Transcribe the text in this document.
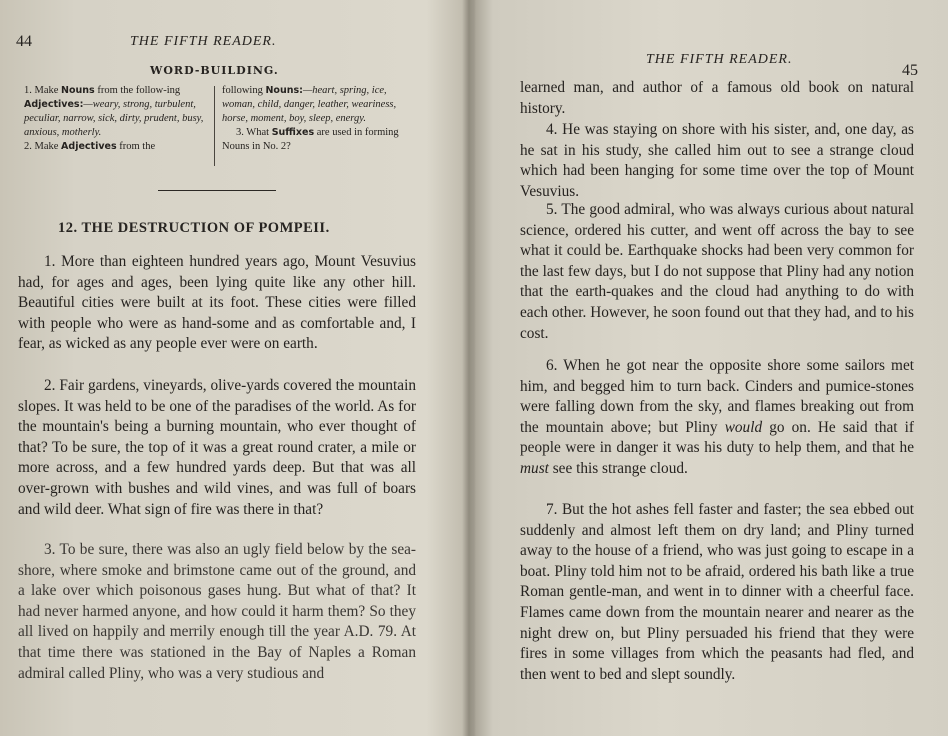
44	THE FIFTH READER.
WORD-BUILDING.
1. Make Nouns from the follow-ing Adjectives:—weary, strong, turbulent, peculiar, narrow, sick, dirty, prudent, busy, anxious, motherly.
2. Make Adjectives from the
following Nouns:—heart, spring, ice, woman, child, danger, leather, weariness, horse, moment, boy, sleep, energy.
3. What Suffixes are used in forming Nouns in No. 2?
12. THE DESTRUCTION OF POMPEII.
1. More than eighteen hundred years ago, Mount Vesuvius had, for ages and ages, been lying quite like any other hill. Beautiful cities were built at its foot. These cities were filled with people who were as hand-some and as comfortable and, I fear, as wicked as any people ever were on earth.
2. Fair gardens, vineyards, olive-yards covered the mountain slopes. It was held to be one of the paradises of the world. As for the mountain's being a burning mountain, who ever thought of that? To be sure, the top of it was a great round crater, a mile or more across, and a few hundred yards deep. But that was all over-grown with bushes and wild vines, and was full of boars and wild deer. What sign of fire was there in that?
3. To be sure, there was also an ugly field below by the sea-shore, where smoke and brimstone came out of the ground, and a lake over which poisonous gases hung. But what of that? It had never harmed anyone, and how could it harm them? So they all lived on happily and merrily enough till the year A.D. 79. At that time there was stationed in the Bay of Naples a Roman admiral called Pliny, who was a very studious and
THE FIFTH READER.
45
learned man, and author of a famous old book on natural history.
4. He was staying on shore with his sister, and, one day, as he sat in his study, she called him out to see a strange cloud which had been hanging for some time over the top of Mount Vesuvius.
5. The good admiral, who was always curious about natural science, ordered his cutter, and went off across the bay to see what it could be. Earthquake shocks had been very common for the last few days, but I do not suppose that Pliny had any notion that the earth-quakes and the cloud had anything to do with each other. However, he soon found out that they had, and to his cost.
6. When he got near the opposite shore some sailors met him, and begged him to turn back. Cinders and pumice-stones were falling down from the sky, and flames breaking out from the mountain above; but Pliny would go on. He said that if people were in danger it was his duty to help them, and that he must see this strange cloud.
7. But the hot ashes fell faster and faster; the sea ebbed out suddenly and almost left them on dry land; and Pliny turned away to the house of a friend, who was just going to escape in a boat. Pliny told him not to be afraid, ordered his bath like a true Roman gentle-man, and went in to dinner with a cheerful face. Flames came down from the mountain nearer and nearer as the night drew on, but Pliny persuaded his friend that they were fires in some villages from which the peasants had fled, and then went to bed and slept soundly.
